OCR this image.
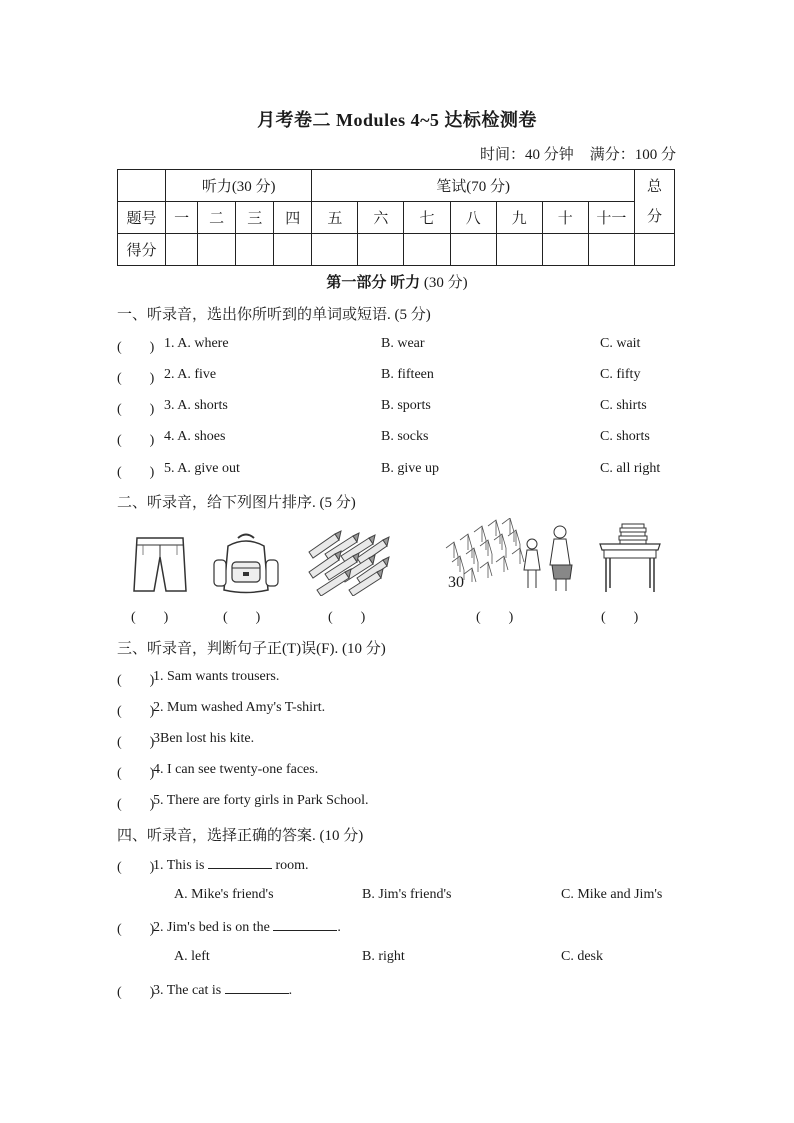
月考卷二 Modules 4~5 达标检测卷
时间：40 分钟 满分：100 分
	听力(30 分)				笔试(70 分)							总
分
题号	一	二	三	四	五	六	七	八	九	十	十一	
得分												
第一部分 听力 (30 分)
一、听录音，选出你所听到的单词或短语. (5 分)
(　　) 1. A. where	B. wear	C. wait
(　　) 2. A. five	B. fifteen	C. fifty
(　　) 3. A. shorts	B. sports	C. shirts
(　　) 4. A. shoes	B. socks	C. shorts
(　　) 5. A. give out	B. give up	C. all right
二、听录音，给下列图片排序. (5 分)
30
(　　)	(　　)	(　　)	(　　)	(　　)
三、听录音，判断句子正(T)误(F). (10 分)
(　　)
1. Sam wants trousers.
(　　)
2. Mum washed Amy's T-shirt.
(　　)
3Ben lost his kite.
(　　)
4. I can see twenty-one faces.
(　　)
5. There are forty girls in Park School.
四、听录音，选择正确的答案. (10 分)
(　　)
1. This is	room.
A. Mike's friend's	B. Jim's friend's	C. Mike and Jim's
(　　)
2. Jim's bed is on the	.
A. left	B. right	C. desk
(　　)
3. The cat is	.
